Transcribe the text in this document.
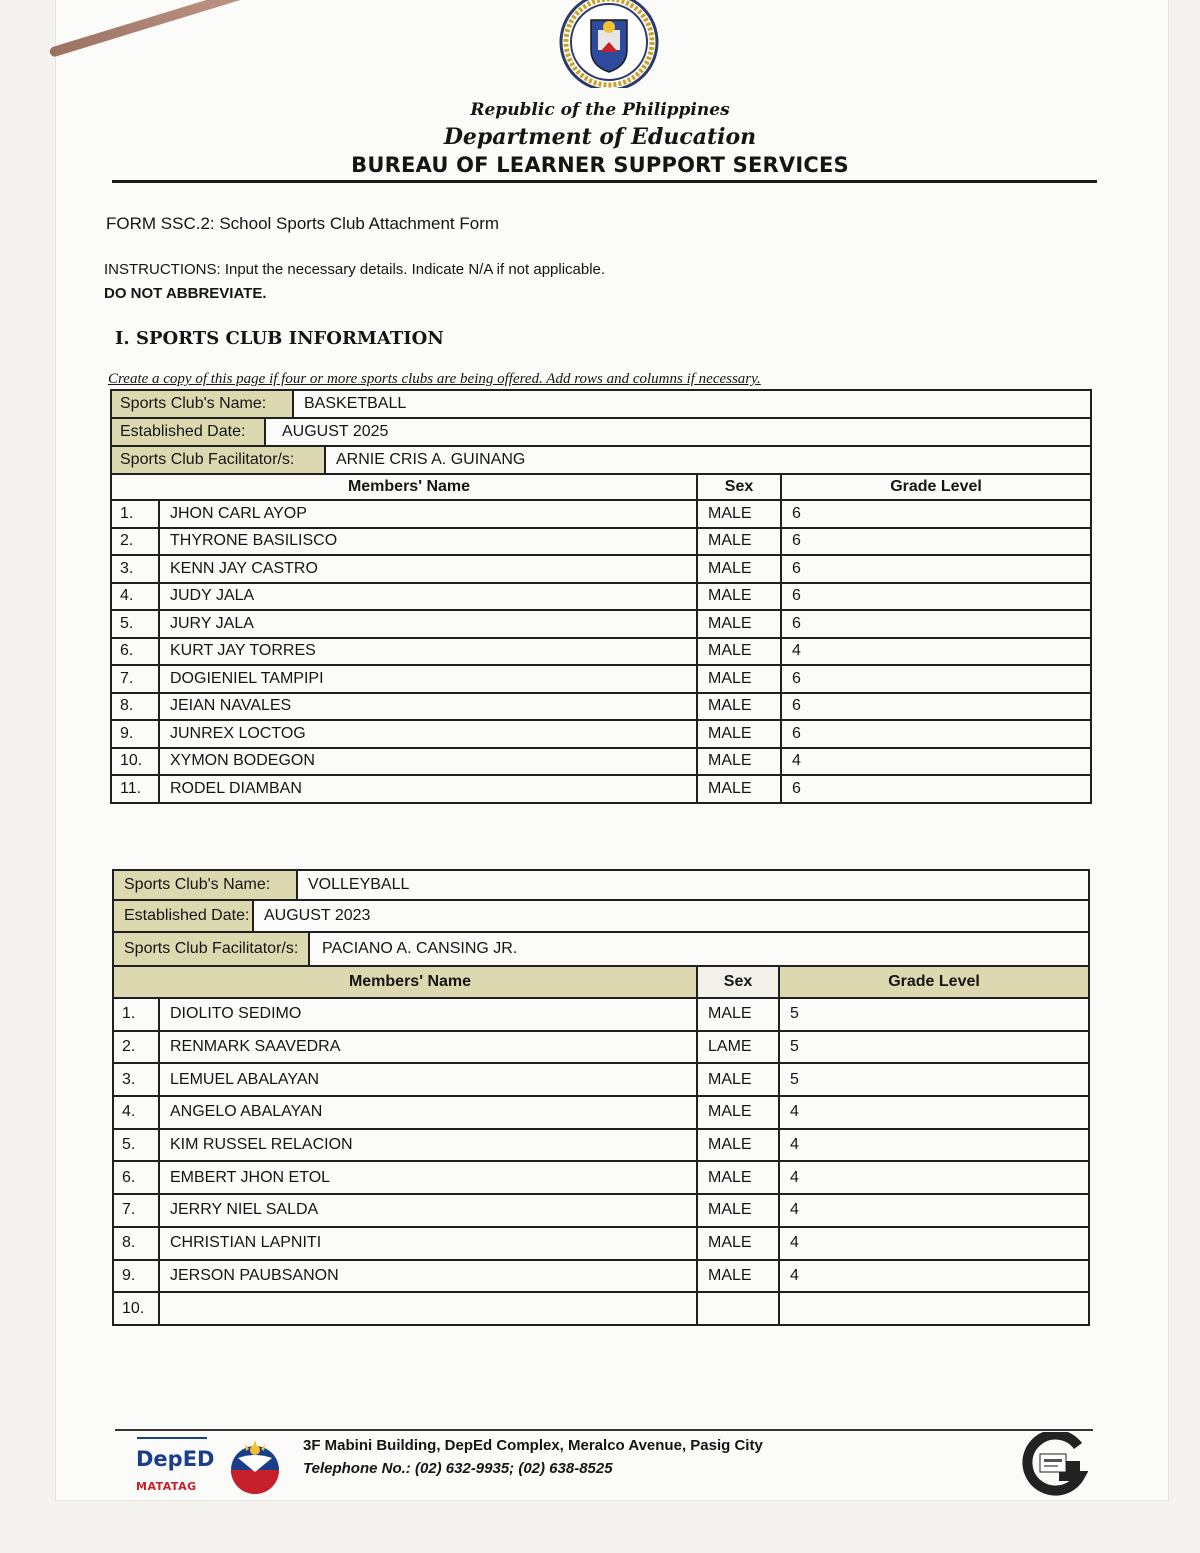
Republic of the Philippines
Department of Education
BUREAU OF LEARNER SUPPORT SERVICES
FORM SSC.2: School Sports Club Attachment Form
INSTRUCTIONS: Input the necessary details. Indicate N/A if not applicable.
DO NOT ABBREVIATE.
I. SPORTS CLUB INFORMATION
Create a copy of this page if four or more sports clubs are being offered. Add rows and columns if necessary.
Sports Club's Name: BASKETBALL			

Established Date: AUGUST 2025			

Sports Club Facilitator/s: ARNIE CRIS A. GUINANG			

Members' Name		Sex	Grade Level
1.	JHON CARL AYOP	MALE	6
2.	THYRONE BASILISCO	MALE	6
3.	KENN JAY CASTRO	MALE	6
4.	JUDY JALA	MALE	6
5.	JURY JALA	MALE	6
6.	KURT JAY TORRES	MALE	4
7.	DOGIENIEL TAMPIPI	MALE	6
8.	JEIAN NAVALES	MALE	6
9.	JUNREX LOCTOG	MALE	6
10.	XYMON BODEGON	MALE	4
11.	RODEL DIAMBAN	MALE	6
Sports Club's Name: VOLLEYBALL			

Established Date: AUGUST 2023			

Sports Club Facilitator/s: PACIANO A. CANSING JR.			

Members' Name		Sex	Grade Level
1.	DIOLITO SEDIMO	MALE	5
2.	RENMARK SAAVEDRA	LAME	5
3.	LEMUEL ABALAYAN	MALE	5
4.	ANGELO ABALAYAN	MALE	4
5.	KIM RUSSEL RELACION	MALE	4
6.	EMBERT JHON ETOL	MALE	4
7.	JERRY NIEL SALDA	MALE	4
8.	CHRISTIAN LAPNITI	MALE	4
9.	JERSON PAUBSANON	MALE	4
10.			
DepED
MATATAG
3F Mabini Building, DepEd Complex, Meralco Avenue, Pasig City
Telephone No.: (02) 632-9935; (02) 638-8525
